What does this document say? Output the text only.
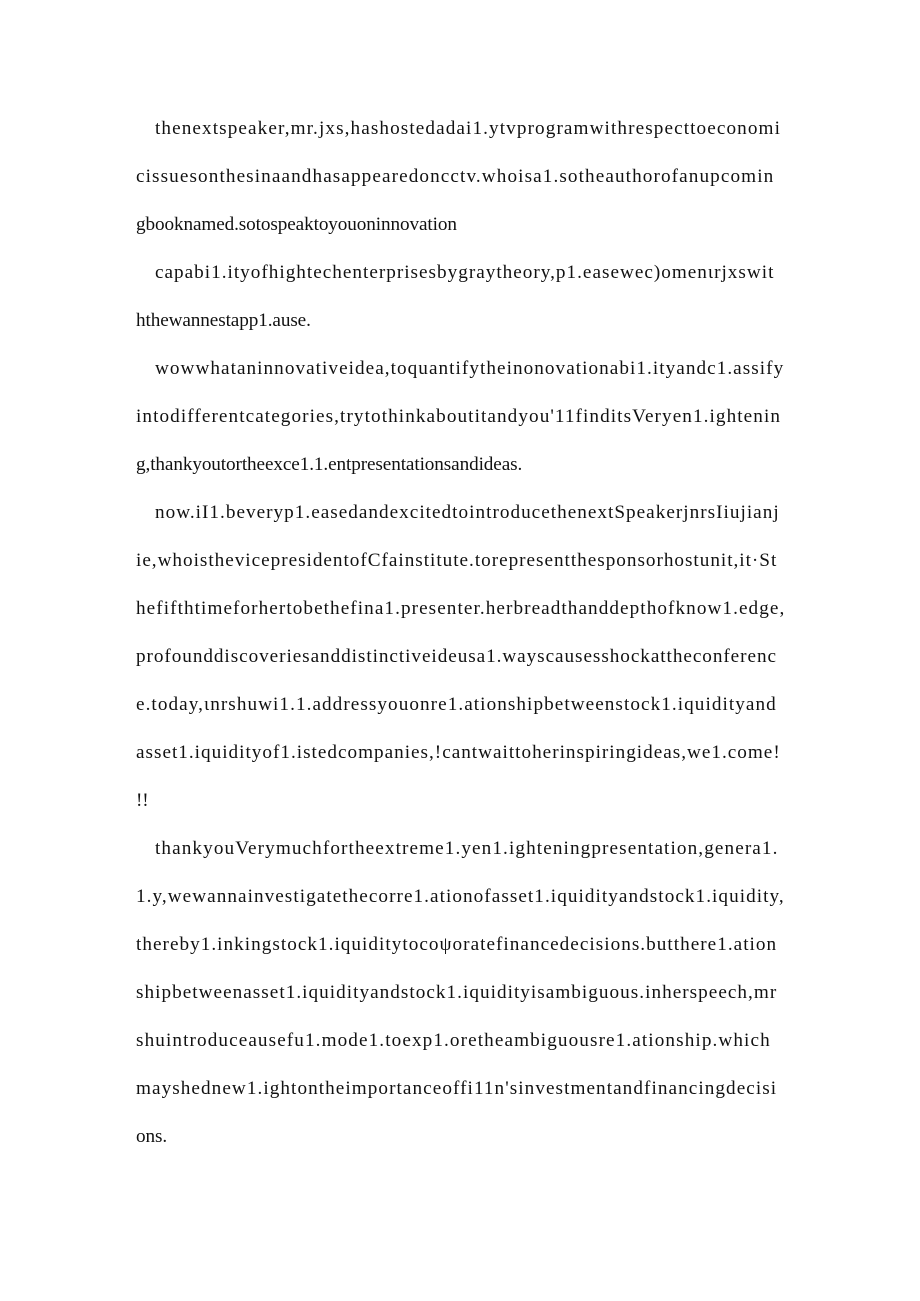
thenextspeaker,mr.jxs,hashostedadai1.ytvprogramwithrespecttoeconomi

cissuesonthesinaandhasappearedoncctv.whoisa1.sotheauthorofanupcomin

gbooknamed.sotospeaktoyouoninnovation

capabi1.ityofhightechenterprisesbygraytheory,p1.easewec)omenιrjxswit

hthewannestapp1.ause.

wowwhataninnovativeidea,toquantifytheinonovationabi1.ityandc1.assify

intodifferentcategories,trytothinkaboutitandyou'11finditsVeryen1.ightenin

g,thankyoutortheexce1.1.entpresentationsandideas.

now.iI1.beveryp1.easedandexcitedtointroducethenextSpeakerjnrsIiujianj

ie,whoisthevicepresidentofCfainstitute.torepresentthesponsorhostunit,it·St

hefifthtimeforhertobethefina1.presenter.herbreadthanddepthofknow1.edge,

profounddiscoveriesanddistinctiveideusa1.wayscausesshockattheconferenc

e.today,ιnrshuwi1.1.addressyouonre1.ationshipbetweenstock1.iquidityand

asset1.iquidityof1.istedcompanies,!cantwaittoherinspiringideas,we1.come!

!!

thankyouVerymuchfortheextreme1.yen1.ighteningpresentation,genera1.

1.y,wewannainvestigatethecorre1.ationofasset1.iquidityandstock1.iquidity,

thereby1.inkingstock1.iquiditytocoψoratefinancedecisions.butthere1.ation

shipbetweenasset1.iquidityandstock1.iquidityisambiguous.inherspeech,mr

shuintroduceausefu1.mode1.toexp1.oretheambiguousre1.ationship.which

mayshednew1.ightontheimportanceoffi11n'sinvestmentandfinancingdecisi

ons.
